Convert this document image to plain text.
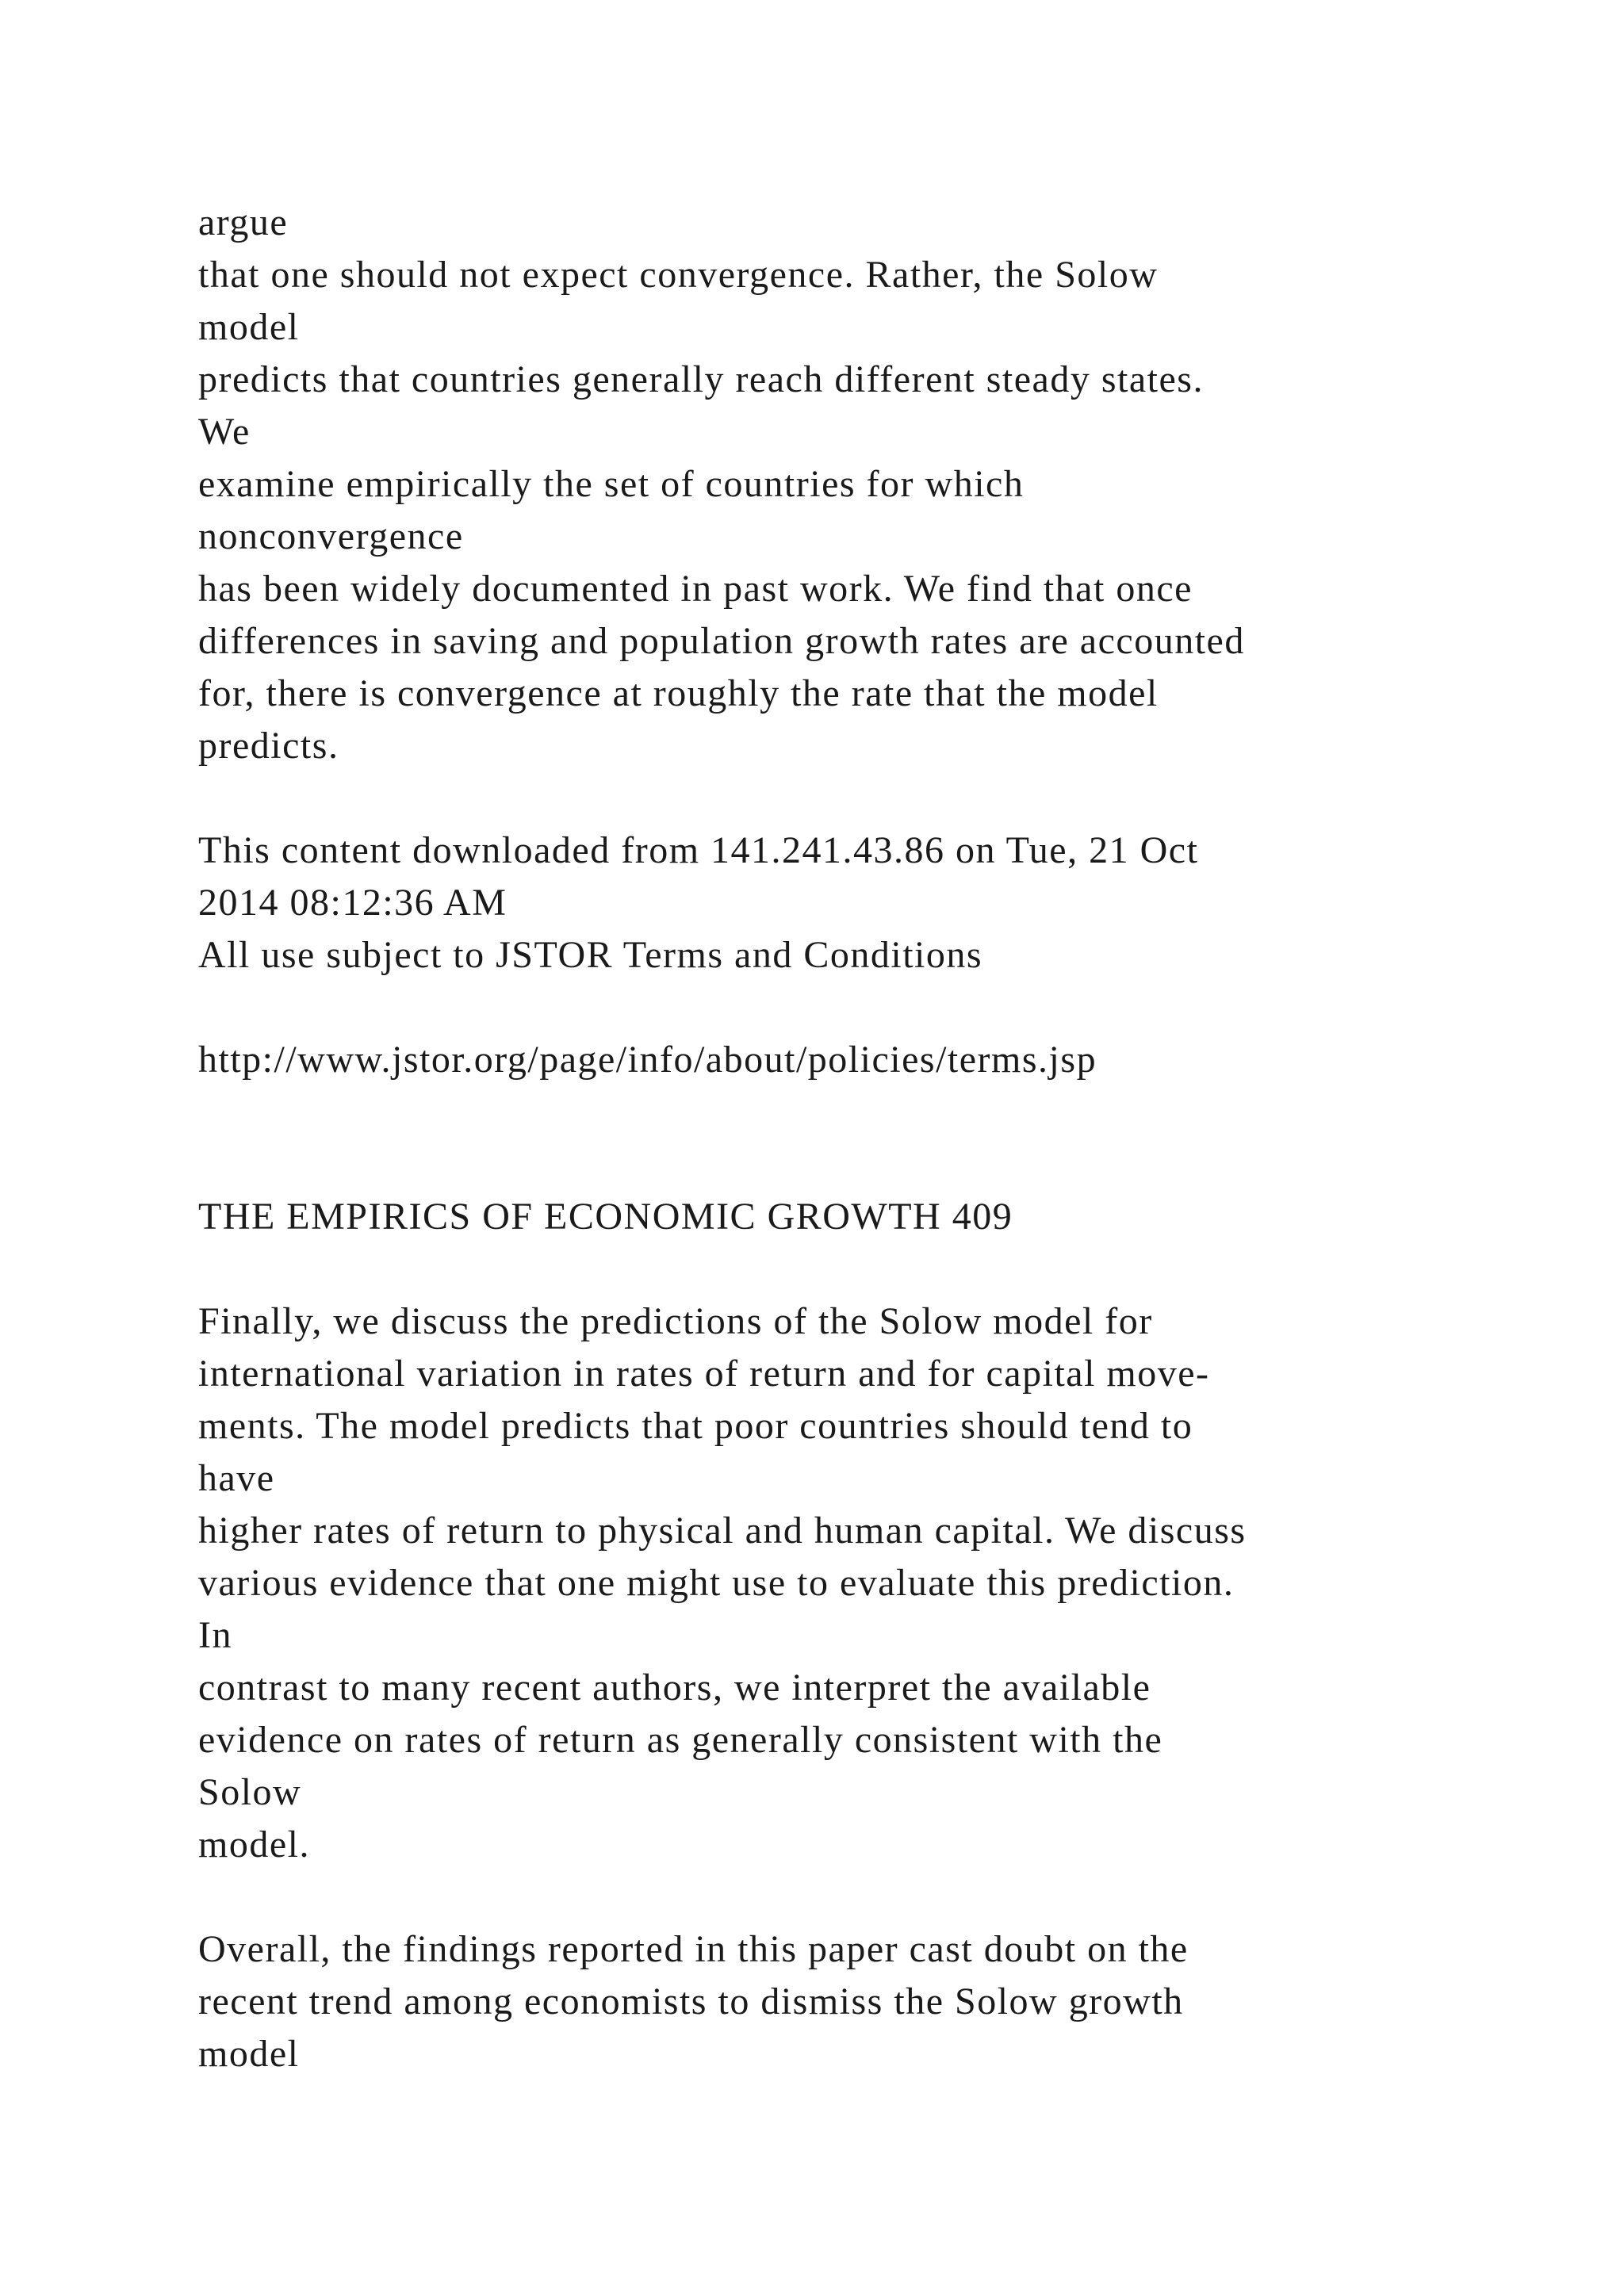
argue
that one should not expect convergence. Rather, the Solow
model
predicts that countries generally reach different steady states.
We
examine empirically the set of countries for which
nonconvergence
has been widely documented in past work. We find that once
differences in saving and population growth rates are accounted
for, there is convergence at roughly the rate that the model
predicts.
This content downloaded from 141.241.43.86 on Tue, 21 Oct
2014 08:12:36 AM
All use subject to JSTOR Terms and Conditions
http://www.jstor.org/page/info/about/policies/terms.jsp
THE EMPIRICS OF ECONOMIC GROWTH 409
Finally, we discuss the predictions of the Solow model for
international variation in rates of return and for capital move-
ments. The model predicts that poor countries should tend to
have
higher rates of return to physical and human capital. We discuss
various evidence that one might use to evaluate this prediction.
In
contrast to many recent authors, we interpret the available
evidence on rates of return as generally consistent with the
Solow
model.
Overall, the findings reported in this paper cast doubt on the
recent trend among economists to dismiss the Solow growth
model
